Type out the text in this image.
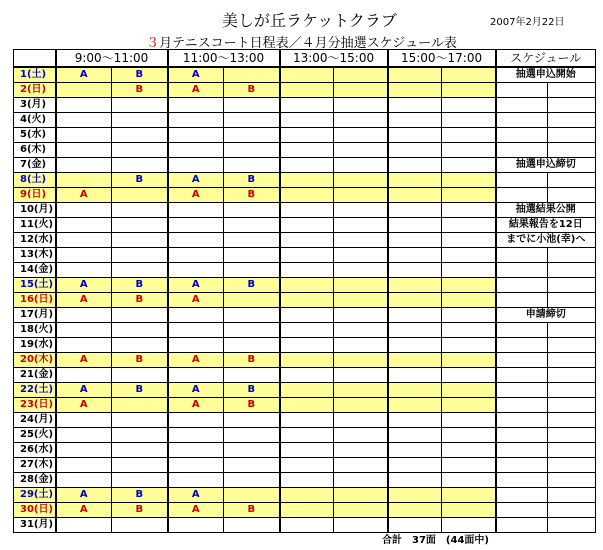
美しが丘ラケットクラブ	2007年2月22日
３月テニスコート日程表／４月分抽選スケジュール表
	9:00～11:00		11:00～13:00		13:00～15:00		15:00～17:00		スケジュール	
1(土)	A	B	A						抽選申込開始	
2(日)		B	A	B						
3(月)										
4(火)										
5(水)										
6(木)										
7(金)									抽選申込締切	
8(土)		B	A	B						
9(日)	A		A	B						
10(月)									抽選結果公開	
11(火)									結果報告を12日	
12(水)									までに小池(幸)へ	
13(木)										
14(金)										
15(土)	A	B	A	B						
16(日)	A	B	A							
17(月)									申請締切	
18(火)										
19(水)										
20(木)	A	B	A	B						
21(金)										
22(土)	A	B	A	B						
23(日)	A		A	B						
24(月)										
25(火)										
26(水)										
27(木)										
28(金)										
29(土)	A	B	A							
30(日)	A	B	A	B						
31(月)										
合計　37面　(44面中)
